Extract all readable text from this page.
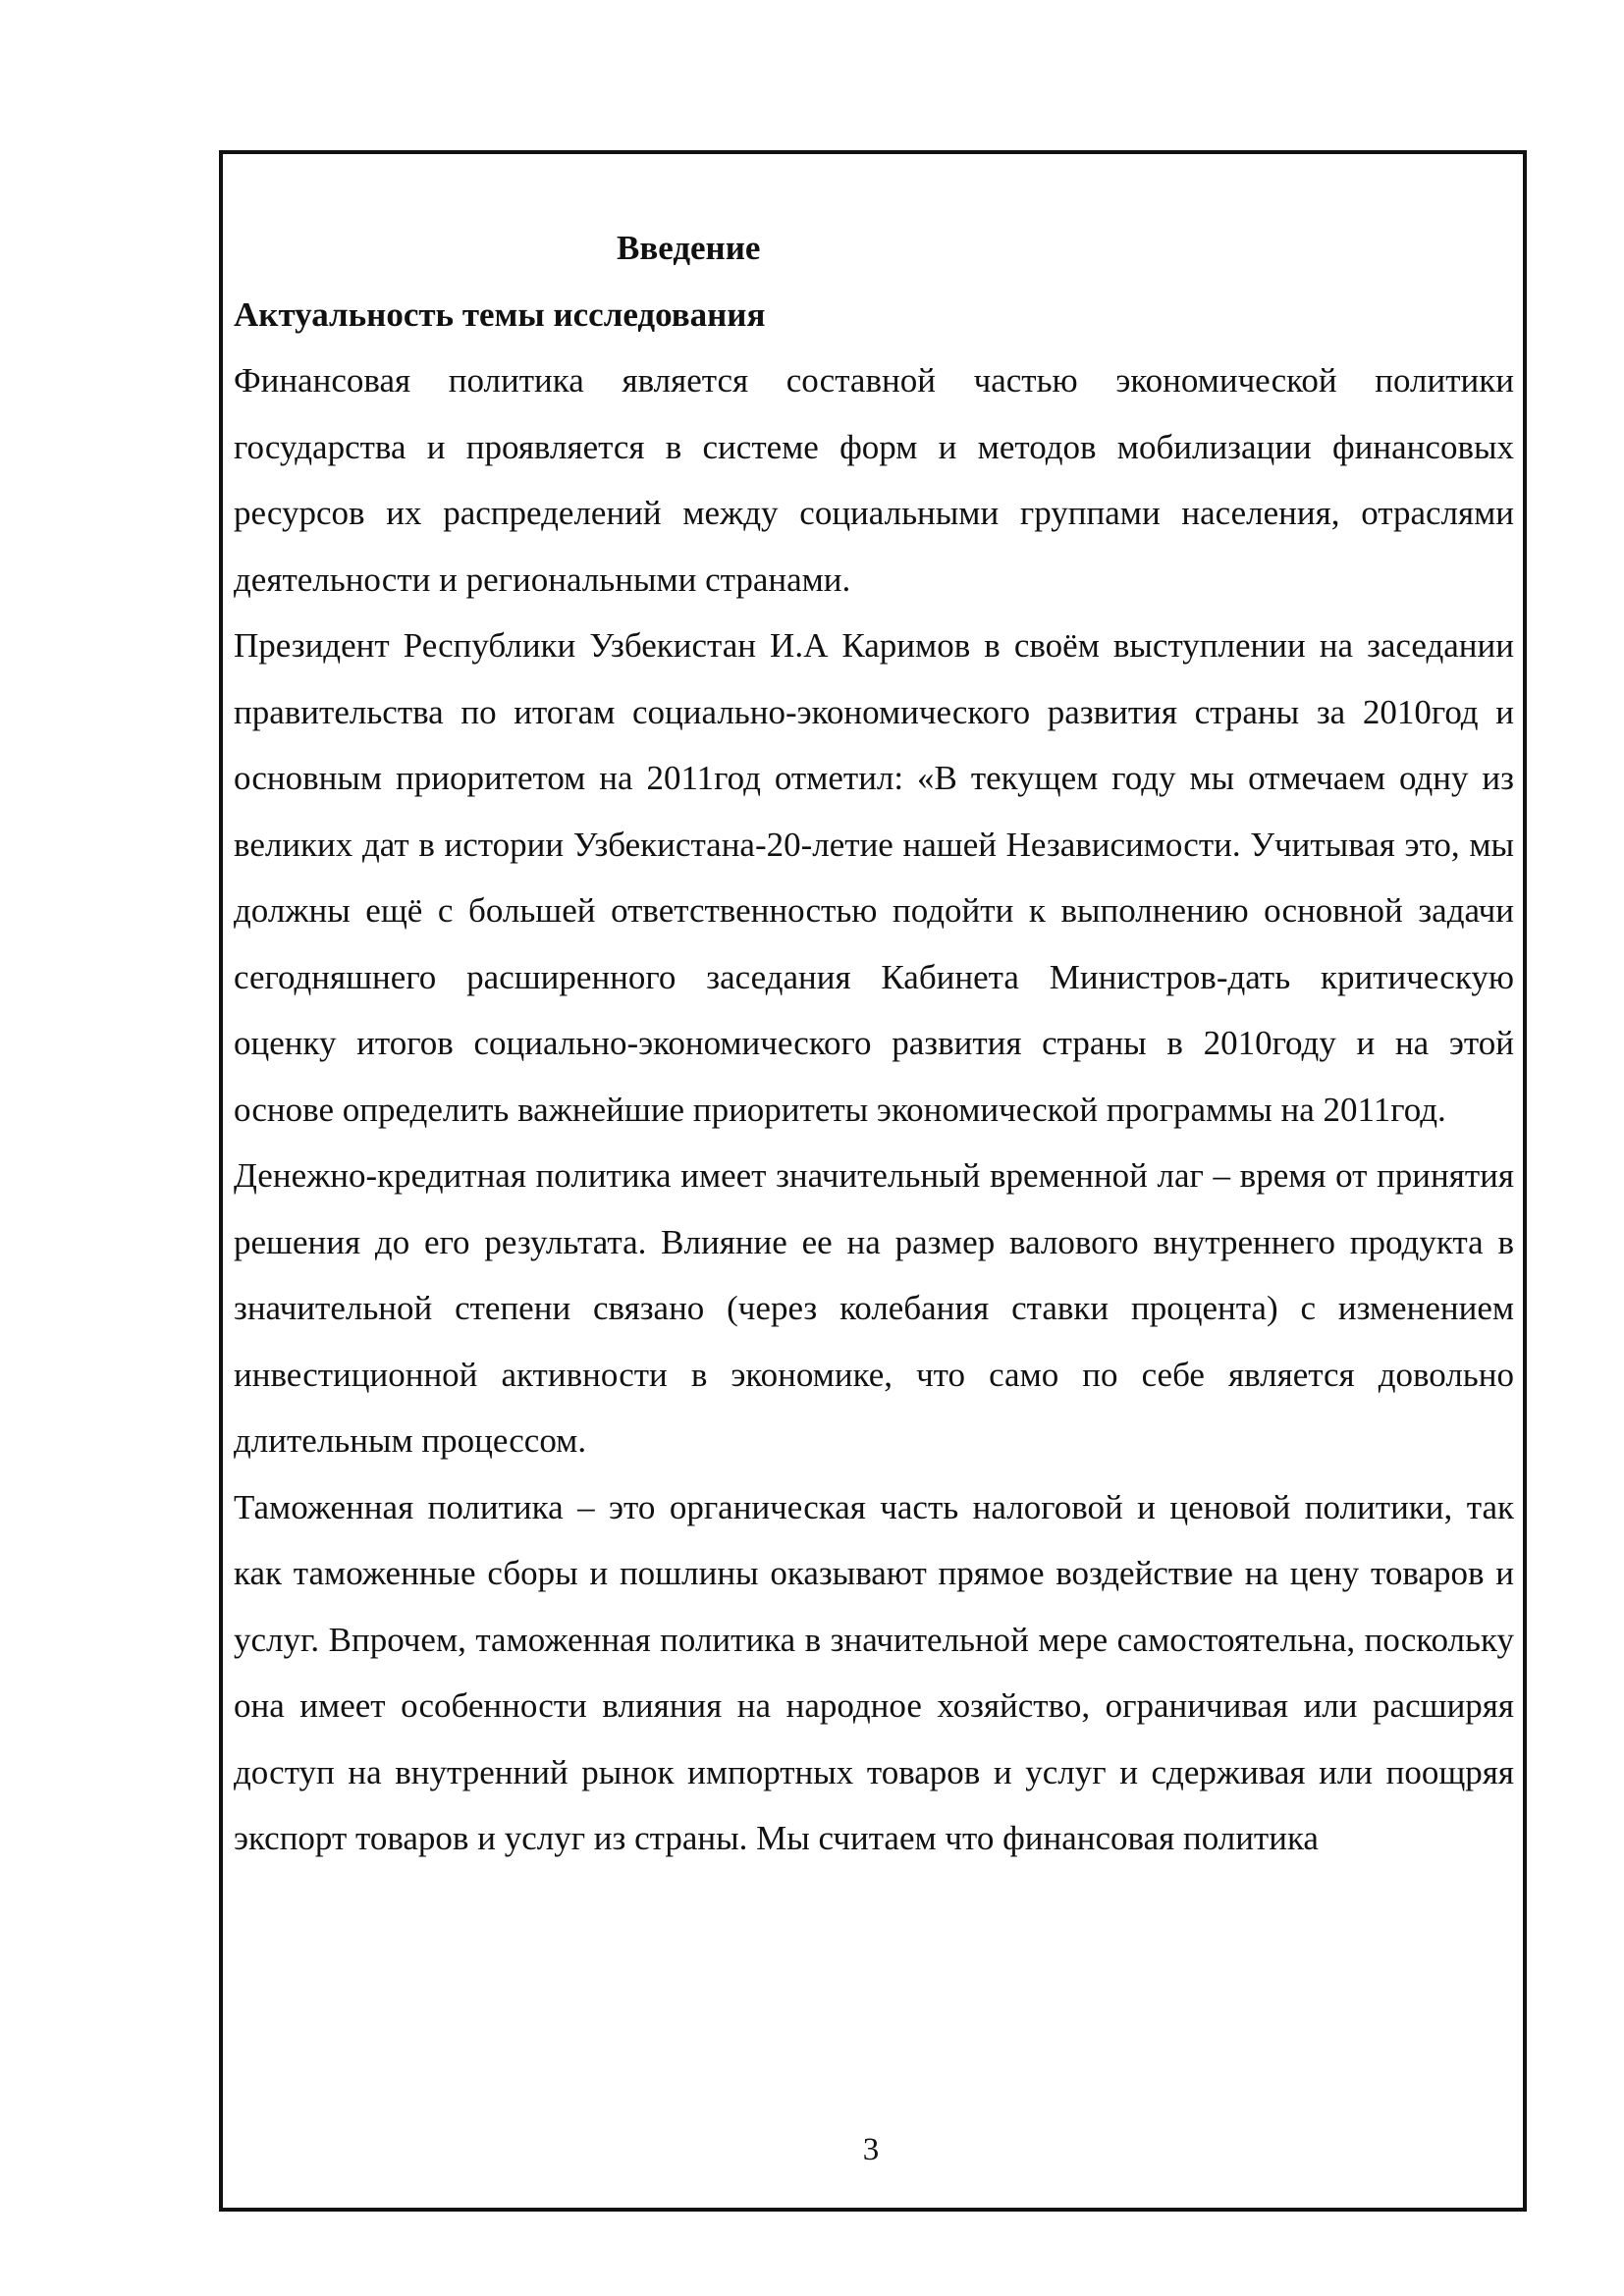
Введение

Актуальность темы исследования

Финансовая политика является составной частью экономической политики государства и проявляется в системе форм и методов мобилизации финансовых ресурсов их распределений между социальными группами населения, отраслями деятельности и региональными странами.

Президент Республики Узбекистан И.А Каримов в своём выступлении на заседании правительства по итогам социально-экономического развития страны за 2010год и основным приоритетом на 2011год отметил: «В текущем году мы отмечаем одну из великих дат в истории Узбекистана-20-летие нашей Независимости. Учитывая это, мы должны ещё с большей ответственностью подойти к выполнению основной задачи сегодняшнего расширенного заседания Кабинета Министров-дать критическую оценку итогов социально-экономического развития страны в 2010году и на этой основе определить важнейшие приоритеты экономической программы на 2011год.

Денежно-кредитная политика имеет значительный временной лаг – время от принятия решения до его результата. Влияние ее на размер валового внутреннего продукта в значительной степени связано (через колебания ставки процента) с изменением инвестиционной активности в экономике, что само по себе является довольно длительным процессом.

Таможенная политика – это органическая часть налоговой и ценовой политики, так как таможенные сборы и пошлины оказывают прямое воздействие на цену товаров и услуг. Впрочем, таможенная политика в значительной мере самостоятельна, поскольку она имеет особенности влияния на народное хозяйство, ограничивая или расширяя доступ на внутренний рынок импортных товаров и услуг и сдерживая или поощряя экспорт товаров и услуг из страны. Мы считаем что финансовая политика

3
